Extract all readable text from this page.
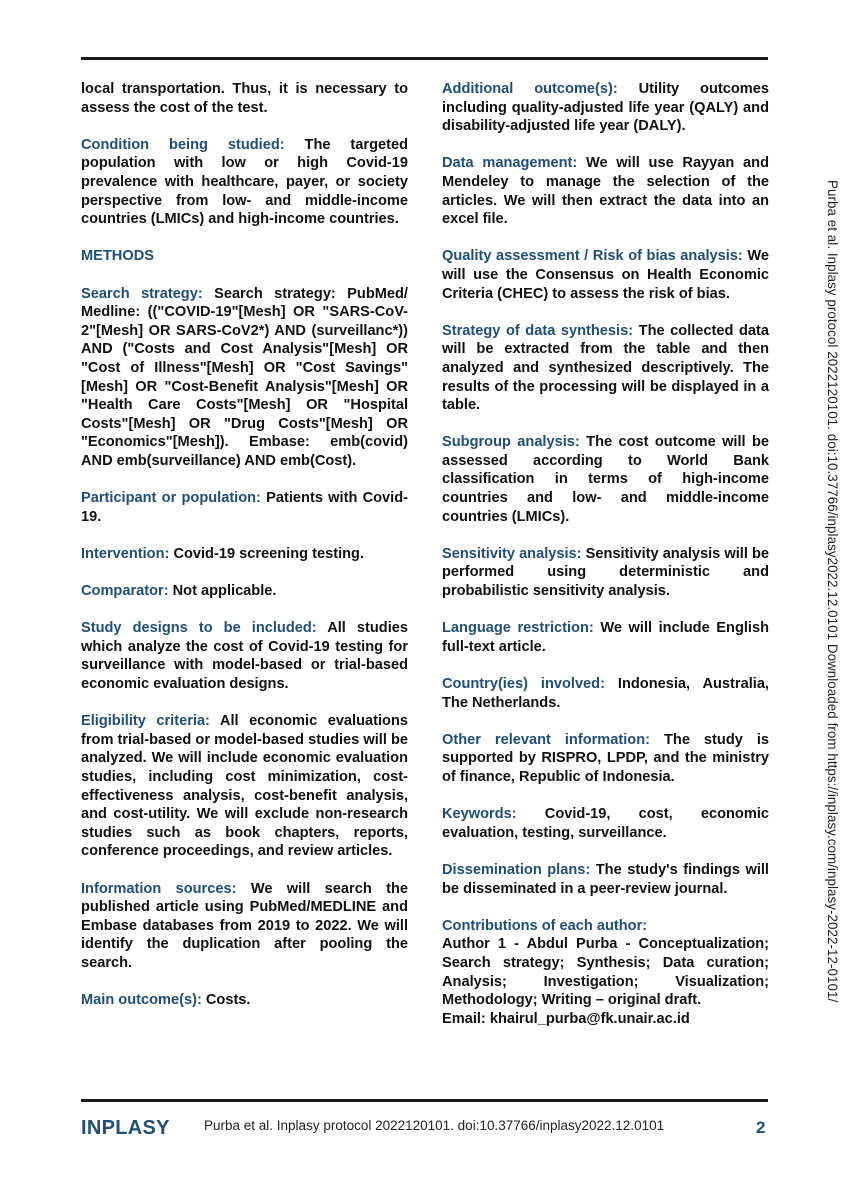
local transportation. Thus, it is necessary to assess the cost of the test.

Condition being studied: The targeted population with low or high Covid-19 prevalence with healthcare, payer, or society perspective from low- and middle-income countries (LMICs) and high-income countries.

METHODS

Search strategy: Search strategy: PubMed/ Medline: (("COVID-19"[Mesh] OR "SARS-CoV-2"[Mesh] OR SARS-CoV2*) AND (surveillanc*)) AND ("Costs and Cost Analysis"[Mesh] OR "Cost of Illness"[Mesh] OR "Cost Savings"[Mesh] OR "Cost-Benefit Analysis"[Mesh] OR "Health Care Costs"[Mesh] OR "Hospital Costs"[Mesh] OR "Drug Costs"[Mesh] OR "Economics"[Mesh]). Embase: emb(covid) AND emb(surveillance) AND emb(Cost).

Participant or population: Patients with Covid-19.

Intervention: Covid-19 screening testing.

Comparator: Not applicable.

Study designs to be included: All studies which analyze the cost of Covid-19 testing for surveillance with model-based or trial-based economic evaluation designs.

Eligibility criteria: All economic evaluations from trial-based or model-based studies will be analyzed. We will include economic evaluation studies, including cost minimization, cost-effectiveness analysis, cost-benefit analysis, and cost-utility. We will exclude non-research studies such as book chapters, reports, conference proceedings, and review articles.

Information sources: We will search the published article using PubMed/MEDLINE and Embase databases from 2019 to 2022. We will identify the duplication after pooling the search.

Main outcome(s): Costs.

Additional outcome(s): Utility outcomes including quality-adjusted life year (QALY) and disability-adjusted life year (DALY).

Data management: We will use Rayyan and Mendeley to manage the selection of the articles. We will then extract the data into an excel file.

Quality assessment / Risk of bias analysis: We will use the Consensus on Health Economic Criteria (CHEC) to assess the risk of bias.

Strategy of data synthesis: The collected data will be extracted from the table and then analyzed and synthesized descriptively. The results of the processing will be displayed in a table.

Subgroup analysis: The cost outcome will be assessed according to World Bank classification in terms of high-income countries and low- and middle-income countries (LMICs).

Sensitivity analysis: Sensitivity analysis will be performed using deterministic and probabilistic sensitivity analysis.

Language restriction: We will include English full-text article.

Country(ies) involved: Indonesia, Australia, The Netherlands.

Other relevant information: The study is supported by RISPRO, LPDP, and the ministry of finance, Republic of Indonesia.

Keywords: Covid-19, cost, economic evaluation, testing, surveillance.

Dissemination plans: The study's findings will be disseminated in a peer-review journal.

Contributions of each author:
Author 1 - Abdul Purba - Conceptualization; Search strategy; Synthesis; Data curation; Analysis; Investigation; Visualization; Methodology; Writing – original draft.
Email: khairul_purba@fk.unair.ac.id
Purba et al. Inplasy protocol 2022120101. doi:10.37766/inplasy2022.12.0101 Downloaded from https://inplasy.com/inplasy-2022-12-0101/
INPLASY	Purba et al. Inplasy protocol 2022120101. doi:10.37766/inplasy2022.12.0101	2
